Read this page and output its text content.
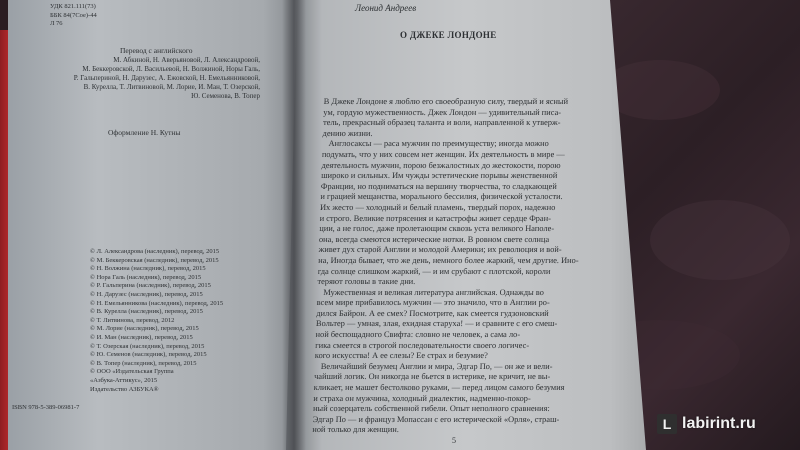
УДК 821.111(73)
ББК 84(7Сое)-44
Л 76
Перевод с английского
М. Абкиной, Н. Аверьяновой, Л. Александровой,
М. Беккеровской, Л. Васильевой, Н. Волжиной, Норы Галь,
Р. Гальпериной, Н. Дарузес, А. Ежовской, Н. Емельянниковой,
В. Курелла, Т. Литвиновой, М. Лорие, И. Ман, Т. Озерской,
Ю. Семенова, В. Топер
Оформление Н. Кутны
© Л. Александрова (наследник), перевод, 2015
© М. Беккеровская (наследник), перевод, 2015
© Н. Волжина (наследник), перевод, 2015
© Нора Галь (наследник), перевод, 2015
© Р. Гальперина (наследник), перевод, 2015
© Н. Дарузес (наследник), перевод, 2015
© Н. Емельянникова (наследник), перевод, 2015
© В. Курелла (наследник), перевод, 2015
© Т. Литвинова, перевод, 2012
© М. Лорие (наследник), перевод, 2015
© И. Ман (наследник), перевод, 2015
© Т. Озерская (наследник), перевод, 2015
© Ю. Семенов (наследник), перевод, 2015
© В. Топер (наследник), перевод, 2015
© ООО «Издательская Группа
«Азбука-Аттикус», 2015
Издательство АЗБУКА®
ISBN 978-5-389-06981-7
Леонид Андреев
О ДЖЕКЕ ЛОНДОНЕ
В Джеке Лондоне я люблю его своеобразную силу, твердый и ясный
ум, гордую мужественность. Джек Лондон — удивительный писа-
тель, прекрасный образец таланта и воли, направленной к утверж-
дению жизни.
Англосаксы — раса мужчин по преимуществу; иногда можно
подумать, что у них совсем нет женщин. Их деятельность в мире —
деятельность мужчин, порою безжалостных до жестокости, порою
широкo и сильных. Им чужды эстетические порывы женственной
Франции, но подниматься на вершину творчества, то сладкающей
и грацией мещанства, морального бессилия, физической усталости.
Их жесто — холодный и белый пламень, твердый порох, надежно
и строго. Великие потрясения и катастрофы живет сердце Фран-
ции, а не голос, даже пролетающим сквозь уста великого Наполе-
она, всегда смеются истерические нотки. В ровном свете солнца
живет дух старой Англии и молодой Америки; их революция и вой-
на, Иногда бывает, что же день, немного более жаркий, чем другие. Ино-
гда солнце слишком жаркий, — и им срубают с плотской, короли
теряют головы в такие дни.
Мужественная и великая литература английская. Однажды во
всем мире прибавилось мужчин — это значило, что в Англии ро-
дился Байрон. А ее смех? Посмотрите, как смеется гудзоновский
Вольтер — умная, злая, ехидная старуха! — и сравните с его смеш-
ной беспощадного Свифта: словно не человек, а сама ло-
гика смеется в строгой последовательности своего логичес-
кого искусства! А ее слезы? Ее страх и безумие?
Величайший безумец Англии и мира, Эдгар По, — он же и вели-
чайший логик. Он никогда не бьется в истерике, не кричит, не вы-
кликает, не машет бестолково руками, — перед лицом самого безумия
и страха он мужчина, холодный диалектик, надменно-покор-
ный созерцатель собственной гибели. Опыт неполного сравнения:
Эдгар По — и француз Мопассан с его истерической «Орля», страш-
ной только для женщин.
5
L labirint.ru
